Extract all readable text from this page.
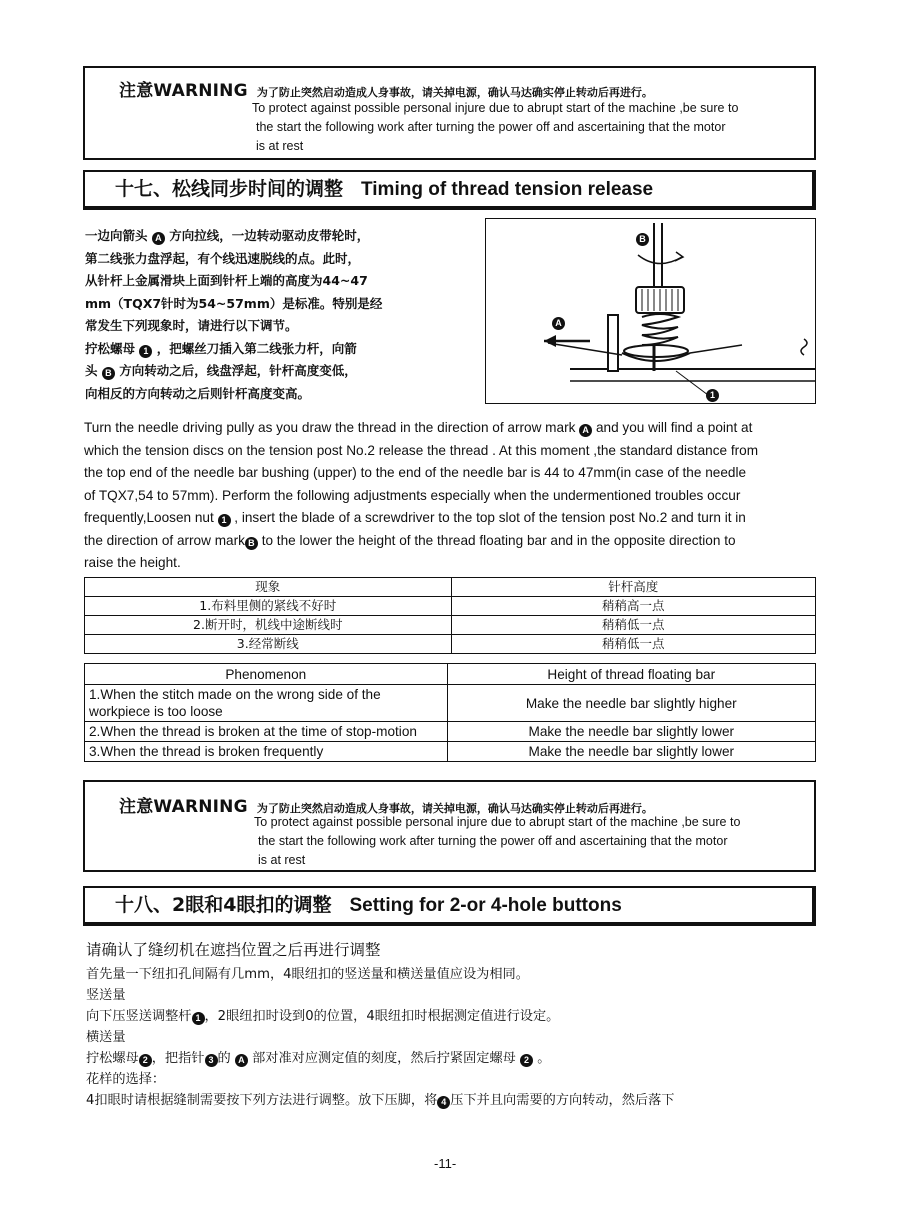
注意WARNING 为了防止突然启动造成人身事故，请关掉电源，确认马达确实停止转动后再进行。
To protect against possible personal injure due to abrupt start of the machine ,be sure to
the start the following work after turning the power off and ascertaining that the motor
is at rest
十七、松线同步时间的调整 Timing of thread tension release
一边向箭头 A 方向拉线，一边转动驱动皮带轮时，
第二线张力盘浮起，有个线迅速脱线的点。此时，
从针杆上金属滑块上面到针杆上端的高度为44~47
mm（TQX7针时为54~57mm）是标准。特别是经
常发生下列现象时，请进行以下调节。
拧松螺母 1 ，把螺丝刀插入第二线张力杆，向箭
头 B 方向转动之后，线盘浮起，针杆高度变低，
向相反的方向转动之后则针杆高度变高。
B
A
1
Turn the needle driving pully as you draw the thread in the direction of arrow mark A and you will find a point at
which the tension discs on the tension post No.2 release the thread . At this moment ,the standard distance from
the top end of the needle bar bushing (upper) to the end of the needle bar is 44 to 47mm(in case of the needle
of TQX7,54 to 57mm). Perform the following adjustments especially when the undermentioned troubles occur
frequently,Loosen nut 1 , insert the blade of a screwdriver to the top slot of the tension post No.2 and turn it in
the direction of arrow mark B to the lower the height of the thread floating bar and in the opposite direction to
raise the height.
现象	针杆高度
1.布料里侧的紧线不好时	稍稍高一点
2.断开时，机线中途断线时	稍稍低一点
3.经常断线	稍稍低一点
Phenomenon	Height of thread floating bar
1.When the stitch made on the wrong side of the workpiece is too loose	Make the needle bar slightly higher
2.When the thread is broken at the time of stop-motion	Make the needle bar slightly lower
3.When the thread is broken frequently	Make the needle bar slightly lower
注意WARNING 为了防止突然启动造成人身事故，请关掉电源，确认马达确实停止转动后再进行。
To protect against possible personal injure due to abrupt start of the machine ,be sure to
the start the following work after turning the power off and ascertaining that the motor
is at rest
十八、2眼和4眼扣的调整 Setting for 2-or 4-hole buttons
请确认了缝纫机在遮挡位置之后再进行调整
首先量一下纽扣孔间隔有几mm，4眼纽扣的竖送量和横送量值应设为相同。
竖送量
向下压竖送调整杆 1 ，2眼纽扣时设到0的位置，4眼纽扣时根据测定值进行设定。
横送量
拧松螺母 2 ，把指针 3 的 A 部对准对应测定值的刻度，然后拧紧固定螺母 2 。
花样的选择：
4扣眼时请根据缝制需要按下列方法进行调整。放下压脚，将 4 压下并且向需要的方向转动，然后落下
-11-
